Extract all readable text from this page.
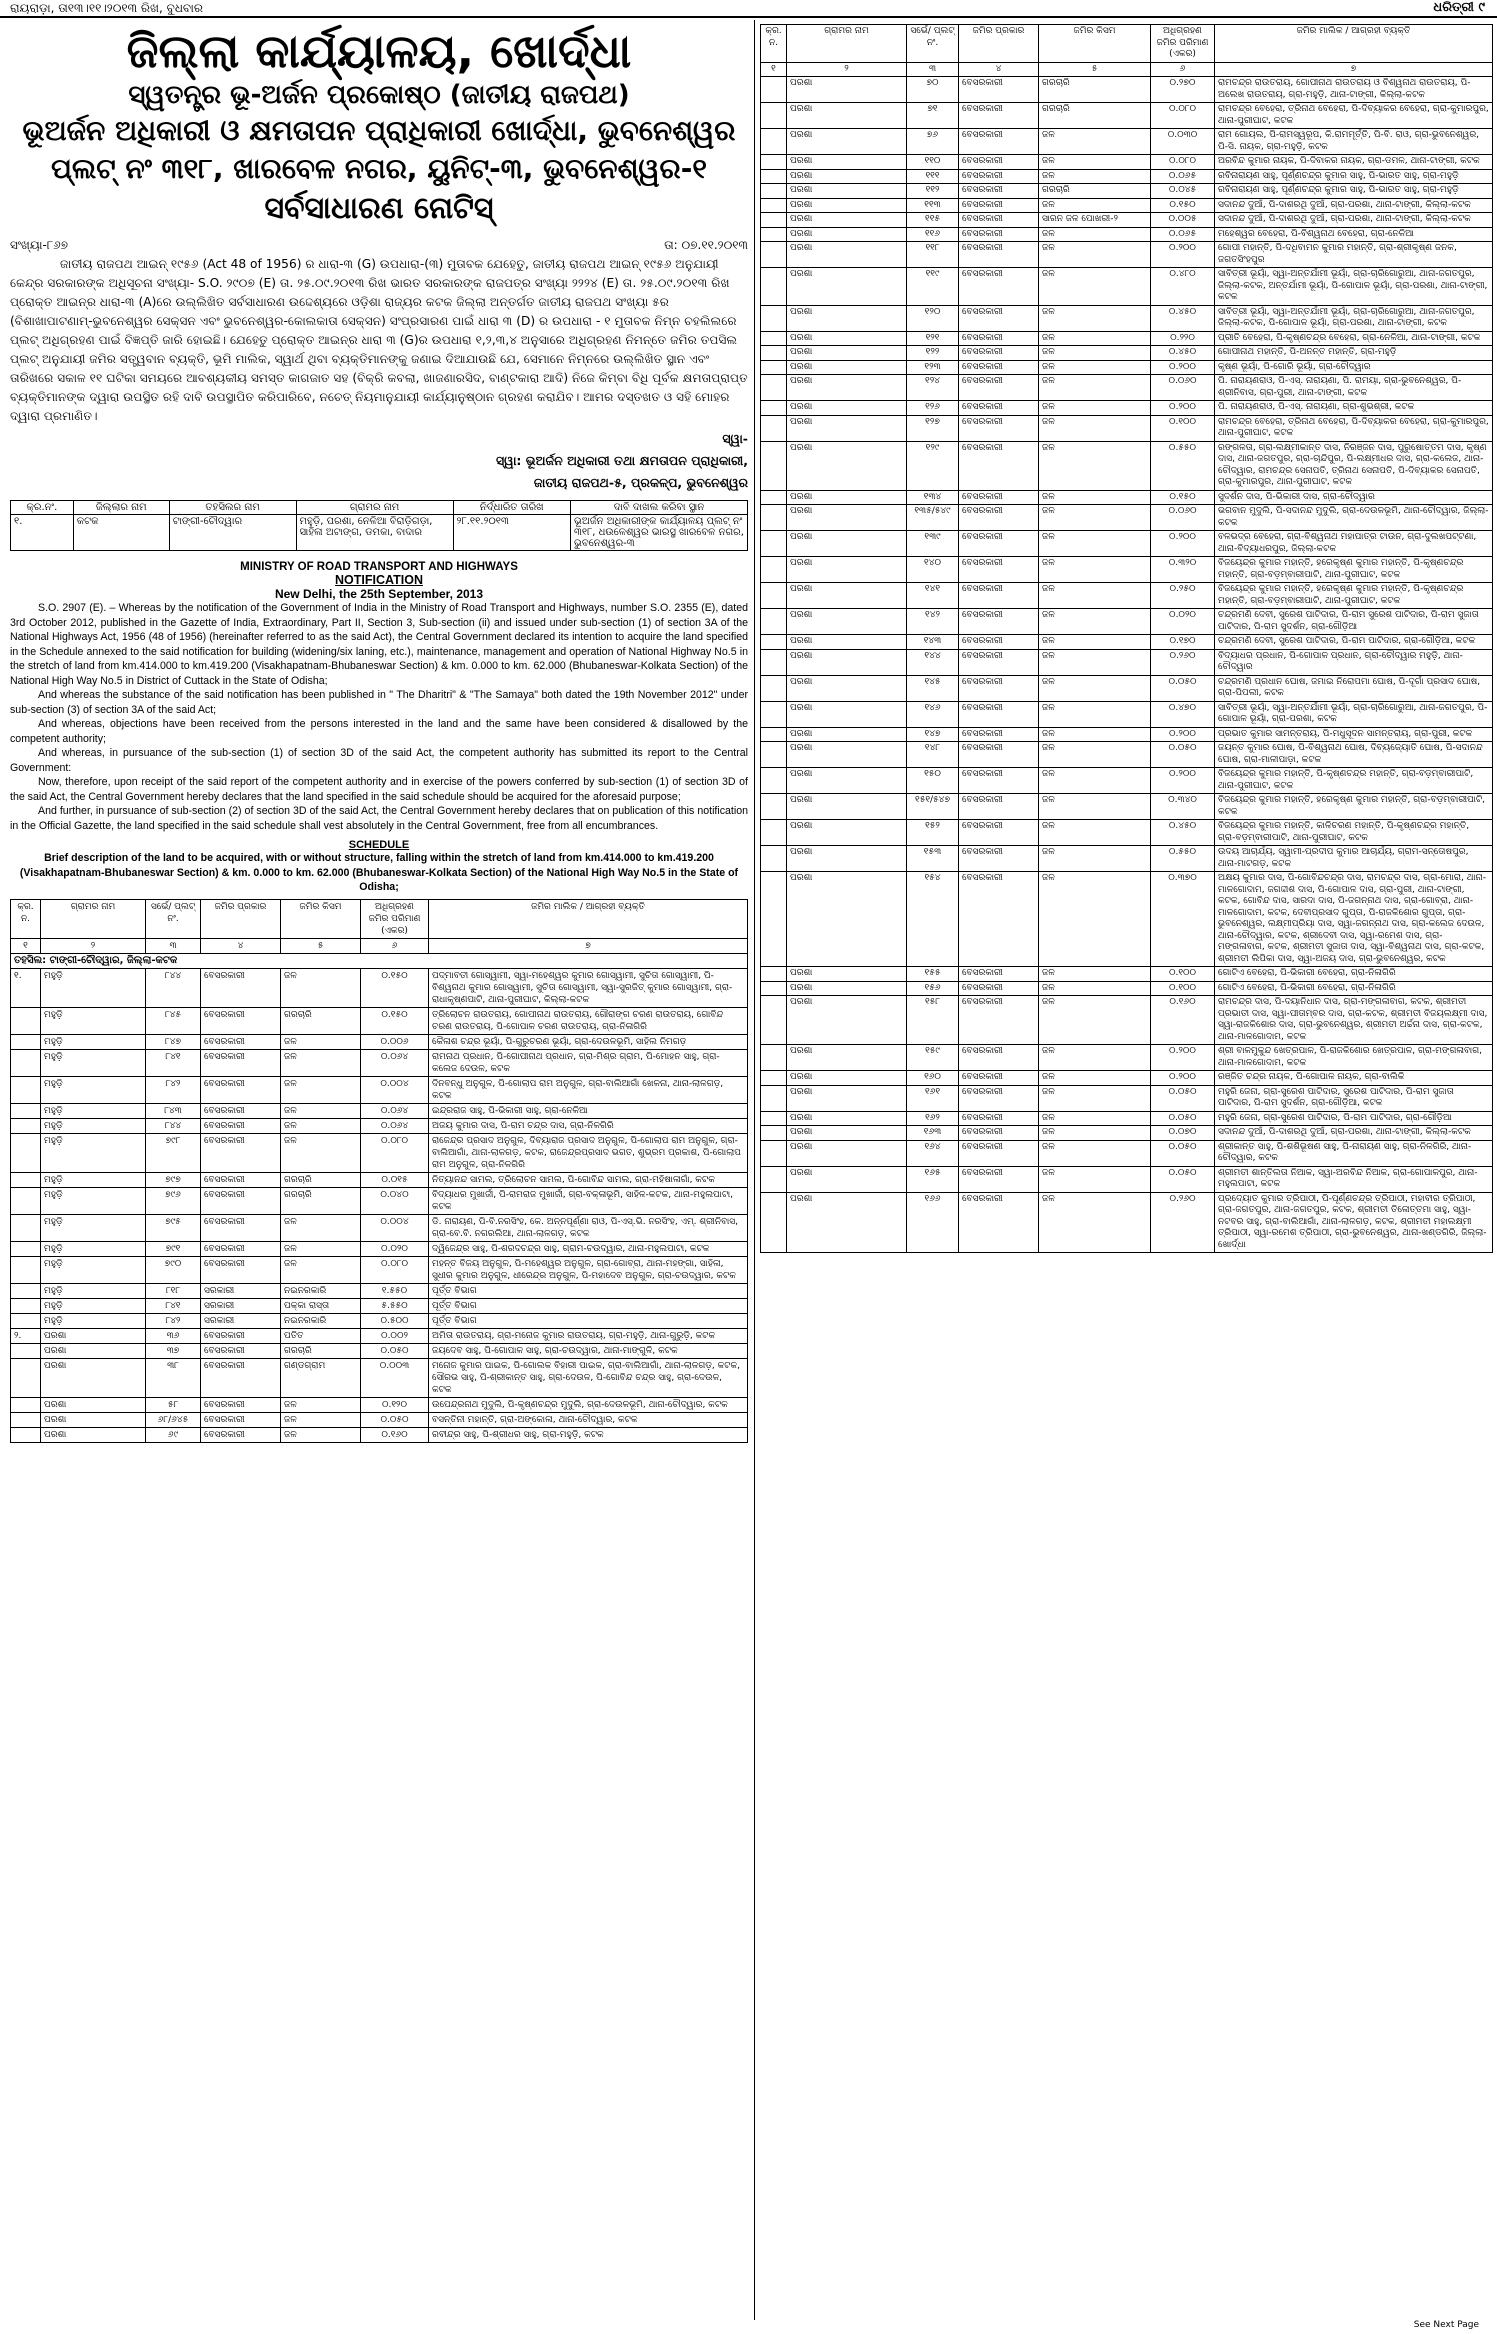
ରାୟରାଡ଼ା, ତା୧୩।୧୧।୨୦୧୩ ରିଖ, ବୁଧବାର	ଧରିତ୍ରୀ ୯
ଜିଲ୍ଲା କାର୍ଯ୍ୟାଳୟ, ଖୋର୍ଦ୍ଧା
ସ୍ୱତନ୍ତ୍ର ଭୂ-ଅର୍ଜନ ପ୍ରକୋଷ୍ଠ (ଜାତୀୟ ରାଜପଥ)
ଭୂଅର୍ଜନ ଅଧିକାରୀ ଓ କ୍ଷମତାପନ ପ୍ରାଧିକାରୀ ଖୋର୍ଦ୍ଧା, ଭୁବନେଶ୍ୱର
ପ୍ଲଟ୍ ନଂ ୩୧୮, ଖାରବେଳ ନଗର, ୟୁନିଟ୍-୩, ଭୁବନେଶ୍ୱର-୧
ସର୍ବସାଧାରଣ ନୋଟିସ୍
ସଂଖ୍ୟା-୮୬୭	ତା: ୦୭.୧୧.୨୦୧୩

ଜାତୀୟ ରାଜପଥ ଆଇନ୍ ୧୯୫୬ (Act 48 of 1956) ର ଧାରା-୩ (G) ଉପଧାରା-(୩) ମୁତାବକ ଯେହେତୁ, ଜାତୀୟ ରାଜପଥ ଆଇନ୍ ୧୯୫୬ ଅନୁଯାୟୀ କେନ୍ଦ୍ର ସରକାରଙ୍କ ଅଧିସୂଚନା ସଂଖ୍ୟା- S.O. ୨୯୦୭ (E) ତା. ୨୫.୦୯.୨୦୧୩ ରିଖ ଭାରତ ସରକାରଙ୍କ ରାଜପତ୍ର ସଂଖ୍ୟା ୨୨୨୪ (E) ତା. ୨୫.୦୯.୨୦୧୩ ରିଖ ପ୍ରୋକ୍ତ ଆଇନ୍‌ର ଧାରା-୩ (A)ରେ ଉଲ୍ଲିଖିତ ସର୍ବସାଧାରଣ ଉଦ୍ଦେଶ୍ୟରେ ଓଡ଼ିଶା ରାଜ୍ୟର କଟକ ଜିଲ୍ଲା ଅନ୍ତର୍ଗତ ଜାତୀୟ ରାଜପଥ ସଂଖ୍ୟା ୫ର (ବିଶାଖାପାଟଣାମ୍-ଭୁବନେଶ୍ୱର ସେକ୍ସନ ଏବଂ ଭୁବନେଶ୍ୱର-କୋଲକାତା ସେକ୍ସନ) ସଂପ୍ରସାରଣ ପାଇଁ ଧାରା ୩ (D) ର ଉପଧାରା - ୧ ମୁତାବକ ନିମ୍ନ ଚହଲିଲରେ ପ୍ଲଟ୍ ଅଧିଗ୍ରହଣ ପାଇଁ ବିଜ୍ଞପ୍ତି ଜାରି ହୋଇଛି। ଯେହେତୁ ପ୍ରୋକ୍ତ ଆଇନ୍‌ର ଧାରା ୩ (G)ର ଉପଧାରା ୧,୨,୩,୪ ଅନୁସାରେ ଅଧିଗ୍ରହଣ ନିମନ୍ତେ ଜମିର ତପସିଲ ପ୍ଲଟ୍ ଅନୁଯାୟୀ ଜମିର ସତ୍ତ୍ୱବାନ ବ୍ୟକ୍ତି, ଭୂମି ମାଲିକ, ସ୍ୱାର୍ଥ ଥିବା ବ୍ୟକ୍ତିମାନଙ୍କୁ ଜଣାଇ ଦିଆଯାଉଛି ଯେ, ସେମାନେ ନିମ୍ନରେ ଉଲ୍ଲିଖିତ ସ୍ଥାନ ଏବଂ ତାରିଖରେ ସକାଳ ୧୧ ଘଟିକା ସମୟରେ ଆବଶ୍ୟକୀୟ ସମସ୍ତ କାଗଜାତ ସହ (ବିକ୍ରି କବଲା, ଖାଜଣାରସିଦ, ବାଣ୍ଟକାରା ଆଦି) ନିଜେ କିମ୍ବା ବିଧି ପୂର୍ବକ କ୍ଷମତାପ୍ରାପ୍ତ ବ୍ୟକ୍ତିମାନଙ୍କ ଦ୍ୱାରା ଉପସ୍ଥିତ ରହି ଦାବି ଉପସ୍ଥାପିତ କରିପାରିବେ, ନଚେତ୍ ନିୟମାନୁଯାୟୀ କାର୍ଯ୍ୟାନୁଷ୍ଠାନ ଗ୍ରହଣ କରାଯିବ। ଆମର ଦସ୍ତଖତ ଓ ସହି ମୋହର ଦ୍ୱାରା ପ୍ରମାଣିତ।

ସ୍ୱା-
ସ୍ୱା: ଭୂଅର୍ଜନ ଅଧିକାରୀ ତଥା କ୍ଷମତାପନ ପ୍ରାଧିକାରୀ,
ଜାତୀୟ ରାଜପଥ-୫, ପ୍ରକଳ୍ପ, ଭୁବନେଶ୍ୱର
କ୍ର.ନଂ.	ଜିଲ୍ଲାର ନାମ	ତହସିଲର ନାମ	ଗ୍ରାମର ନାମ	ନିର୍ଦ୍ଧାରିତ ତାରିଖ	ଦାବି ଦାଖଲ କରିବା ସ୍ଥାନ
୧.	କଟକ	ଟାଙ୍ଗୀ-ଚୌଦ୍ୱାର	ମହୁଡ଼ି, ପରଶା, ନେଳିଆ ବିରାଡ଼ିଗଡ଼ା, ସାହିଳା ଅଟାଙ୍ଗ, ଡମକା, ବାଦାର	୨୮.୧୧.୨୦୧୩	ଭୂଅର୍ଜନ ଅଧିକାରୀଙ୍କ କାର୍ଯ୍ୟାଳୟ ପ୍ଲଟ୍ ନଂ ୩୧୮, ଧଉଳେଶ୍ୱର ଭାରସ୍ଥ ଖାରବେଳ ନଗର, ଭୁବନେଶ୍ୱର-୩
MINISTRY OF ROAD TRANSPORT AND HIGHWAYS
NOTIFICATION
New Delhi, the 25th September, 2013

S.O. 2907 (E). – Whereas by the notification of the Government of India in the Ministry of Road Transport and Highways, number S.O. 2355 (E), dated 3rd October 2012, published in the Gazette of India, Extraordinary, Part II, Section 3, Sub-section (ii) and issued under sub-section (1) of section 3A of the National Highways Act, 1956 (48 of 1956) (hereinafter referred to as the said Act), the Central Government declared its intention to acquire the land specified in the Schedule annexed to the said notification for building (widening/six laning, etc.), maintenance, management and operation of National Highway No.5 in the stretch of land from km.414.000 to km.419.200 (Visakhapatnam-Bhubaneswar Section) & km. 0.000 to km. 62.000 (Bhubaneswar-Kolkata Section) of the National High Way No.5 in District of Cuttack in the State of Odisha;

And whereas the substance of the said notification has been published in " The Dharitri" & "The Samaya" both dated the 19th November 2012" under sub-section (3) of section 3A of the said Act;

And whereas, objections have been received from the persons interested in the land and the same have been considered & disallowed by the competent authority;

And whereas, in pursuance of the sub-section (1) of section 3D of the said Act, the competent authority has submitted its report to the Central Government:

Now, therefore, upon receipt of the said report of the competent authority and in exercise of the powers conferred by sub-section (1) of section 3D of the said Act, the Central Government hereby declares that the land specified in the said schedule should be acquired for the aforesaid purpose;

And further, in pursuance of sub-section (2) of section 3D of the said Act, the Central Government hereby declares that on publication of this notification in the Official Gazette, the land specified in the said schedule shall vest absolutely in the Central Government, free from all encumbrances.

SCHEDULE
Brief description of the land to be acquired, with or without structure, falling within the stretch of land from km.414.000 to km.419.200 (Visakhapatnam-Bhubaneswar Section) & km. 0.000 to km. 62.000 (Bhubaneswar-Kolkata Section) of the National High Way No.5 in the State of Odisha;
କ୍ର. ନ.	ଗ୍ରାମର ନାମ	ସର୍ଭେ/ ପ୍ଲଟ୍ ନଂ.	ଜମିର ପ୍ରକାର	ଜମିର କିସମ	ଅଧିଗ୍ରହଣ ଜମିର ପରିମାଣ (ଏକର)	ଜମିର ମାଲିକ / ଆଗ୍ରହୀ ବ୍ୟକ୍ତି
୧	୨	୩	୪	୫	୬	୭
ତହସିଲ: ଟାଙ୍ଗୀ-ଚୌଦ୍ୱାର, ଜିଲ୍ଲା-କଟକ						
୧.	ମହୁଡ଼ି	୮୪୪	ବେସରକାରୀ	ଜଳ	୦.୧୫୦	ପଦ୍ମାବତୀ ଗୋସ୍ୱାମୀ, ସ୍ୱା-ମହେଶ୍ୱର କୁମାର ଗୋସ୍ୱାମୀ, ସୁଚିତା ଗୋସ୍ୱାମୀ, ପି-ବିଶ୍ୱନାଥ କୁମାର ଗୋସ୍ୱାମୀ, ସୁଚିତା ଗୋସ୍ୱାମୀ, ସ୍ୱା-ସୁରଜିତ୍ କୁମାର ଗୋସ୍ୱାମୀ, ଗ୍ରା-ରାଧାକୃଷ୍ଣପାଟି, ଥାନା-ପୁରୀଘାଟ, କିଲ୍ଲା-କଟକ
	ମହୁଡ଼ି	୮୪୫	ବେସରକାରୀ	ଗରଚାରି	୦.୧୫୦	ତ୍ରିଲୋଚନ ରାଉତରାୟ, ଗୋପୀନାଥ ରାଉତରାୟ, ଗୌରାଙ୍ଗ ଚରଣ ରାଉତରାୟ, ଗୋବିନ୍ଦ ଚରଣ ରାଉତରାୟ, ପି-ଗୋପାଳ ଚରଣ ରାଉତରାୟ, ଗ୍ରା-ନିଳାଗିରି
	ମହୁଡ଼ି	୮୪୭	ବେସରକାରୀ	ଜଳ	୦.୦୦୬	କୈଳାଶ ଚନ୍ଦ୍ର ଭୂୟାଁ, ପି-ଗୁରୁଚରଣ ଭୂୟାଁ, ଗ୍ରା-ଦେଉଳଭୂମି, ସାହିଲ ନିମଗଡ଼
	ମହୁଡ଼ି	୮୪୧	ବେସରକାରୀ	ଜଳ	୦.୦୬୪	ରାମନାଥ ପ୍ରଧାନ, ପି-ଗୋପୀନାଥ ପ୍ରଧାନ, ଗ୍ରା-ମିଶ୍ର ଗ୍ରାମ, ପି-ମୋହନ ସାହୁ, ଗ୍ରା-କଲେଜ ଦେଉଳ, କଟକ
	ମହୁଡ଼ି	୮୪୨	ବେସରକାରୀ	ଜଳ	୦.୦୦୪	ଦିନବନ୍ଧୁ ଅନୁଗୁଳ, ପି-ଗୋଲାପ ରାମ ଅନୁଗୁଳ, ଗ୍ରା-ବାଲିଆଗାଁ ଖେଳନା, ଥାନା-ଲାଳଗଡ଼, କଟକ
	ମହୁଡ଼ି	୮୪୩	ବେସରକାରୀ	ଜଳ	୦.୦୬୪	ଇନ୍ଦ୍ରରାଜ ସାହୁ, ପି-ଭିକାରୀ ସାହୁ, ଗ୍ରା-ନେଳିଆ
	ମହୁଡ଼ି	୮୪୪	ବେସରକାରୀ	ଜଳ	୦.୦୬୪	ଅଜୟ କୁମାର ଦାସ, ପି-ରାମ ଚନ୍ଦ୍ର ଦାସ, ଗ୍ରା-ନିଳଗିରି
	ମହୁଡ଼ି	୭୯୮	ବେସରକାରୀ	ଜଳ	୦.୦୮୦	ରାଜେନ୍ଦ୍ର ପ୍ରସାଦ ଅନୁଗୁଳ, ଦିବ୍ୟାରାଜ ପ୍ରସାଦ ଅନୁଗୁଳ, ପି-ଗୋଲାପ ରାମ ଅନୁଗୁଳ, ଗ୍ରା-ବାଲିଆଗାଁ, ଥାନା-ଲାଳଗଡ଼, କଟକ, ରାଜେନ୍ଦ୍ରପ୍ରସାଦ ଭଗତ, ଶୁଭ୍ରମ ପ୍ରକାଶ, ପି-ଗୋଲାପ ରାମ ଅନୁଗୁଳ, ଗ୍ରା-ନିଳଗିରି
	ମହୁଡ଼ି	୭୯୭	ବେସରକାରୀ	ଗରଚାରି	୦.୦୧୫	ନିତ୍ୟାନନ୍ଦ ସାମଲ, ତ୍ରିଲୋଚନ ସାମଲ, ପି-ଗୋବିନ୍ଦ ସାମଲ, ଗ୍ରା-ମହିଷାଳାଗାଁ, କଟକ
	ମହୁଡ଼ି	୭୯୬	ବେସରକାରୀ	ଗରଚାରି	୦.୦୪୦	ବିଦ୍ୟାଧର ମୁଖାର୍ଜୀ, ପି-ରାମରାଜ ମୁଖାର୍ଜୀ, ଗ୍ରା-ବକ୍ଳାଭୂମି, ସାହିଳ-କଟକ, ଥାନା-ମହୁଲପାଟା, କଟକ
	ମହୁଡ଼ି	୭୯୫	ବେସରକାରୀ	ଜଳ	୦.୦୦୪	ଡି. ନାରାୟଣ, ପି-ବି.ନରସିଂହ, କେ. ଅନ୍ନପୂର୍ଣ୍ଣା ରାଓ, ପି-ଏସ୍.ଭି. ନରସିଂହ, ଏମ୍. ଶ୍ରୀନିବାସ, ଗ୍ରା-ବେ.ବି. ନଗରଲିଆ, ଥାନା-ଲାଳଗଡ଼, କଟକ
	ମହୁଡ଼ି	୭୯୧	ବେସରକାରୀ	ଜଳ	୦.୦୨୦	ଦ୍ୱିଜେନ୍ଦ୍ର ସାହୁ, ପି-ଶରଦଚନ୍ଦ୍ର ସାହୁ, ଗ୍ରାମ-ଚଉଦ୍ୱାର, ଥାନା-ମହୁଲପାଟା, କଟକ
	ମହୁଡ଼ି	୭୯୦	ବେସରକାରୀ	ଜଳ	୦.୦୮୦	ମହନ୍ତ ବିଜୟ ଅନୁଗୁଳ, ପି-ମହେଶ୍ୱର ଅନୁଗୁଳ, ଗ୍ରା-ଗୋବ୍ରା, ଥାନା-ମହଙ୍ଗା, ସାହିଳା, ସୁଧୀର କୁମାର ଅନୁଗୁଳ, ଧୀରେନ୍ଦ୍ର ଅନୁଗୁଳ, ପି-ମହାଦେବ ଅନୁଗୁଳ, ଗ୍ରା-ଚଉଦ୍ୱାର, କଟକ
	ମହୁଡ଼ି	୮୧୮	ସରକାରୀ	ନଇନରକାରି	୧.୫୫୦	ପୂର୍ତ୍ତ ବିଭାଗ
	ମହୁଡ଼ି	୮୪୧	ସରକାରୀ	ପକ୍କା ରାସ୍ତା	୫.୫୫୦	ପୂର୍ତ୍ତ ବିଭାଗ
	ମହୁଡ଼ି	୮୪୨	ସରକାରୀ	ନଇନରକାରି	୦.୫୦୦	ପୂର୍ତ୍ତ ବିଭାଗ
୨.	ପରଶା	୩୬	ବେସରକାରୀ	ପତିତ	୦.୦୦୨	ଅମିତା ରାଉତରାୟ, ଗ୍ରା-ମନୋଜ କୁମାର ରାଉତରାୟ, ଗ୍ରା-ମହୁଡ଼ି, ଥାନା-ଗୁରୁଡ଼ି, କଟକ
	ପରଶା	୩୭	ବେସରକାରୀ	ଗରଚାରି	୦.୦୫୦	ଜୟଦେବ ସାହୁ, ପି-ଗୋପାଳ ସାହୁ, ଗ୍ରା-ଚଉଦ୍ୱାର, ଥାନା-ମାଙ୍ଗୁଳି, କଟକ
	ପରଶା	୩୮	ବେସରକାରୀ	ଗଣ୍ଡଗ୍ରାମ	୦.୦୦୩	ମନୋଜ କୁମାର ପାଇକ, ପି-ଗୋଲକ ବିହାରୀ ପାଇକ, ଗ୍ରା-ବାଲିଆଗାଁ, ଥାନା-ଲାଳଗଡ଼, କଟକ, ସୌରଭ ସାହୁ, ପି-ଶ୍ରୀକାନ୍ତ ସାହୁ, ଗ୍ରା-ଦେଉଳ, ପି-ଗୋବିନ୍ଦ ଚନ୍ଦ୍ର ସାହୁ, ଗ୍ରା-ଦେଉଳ, କଟକ
	ପରଶା	୫୮	ବେସରକାରୀ	ଜଳ	୦.୧୨୦	ଉପେନ୍ଦ୍ରନାଥ ମୁଦୁଲି, ପି-କୃଷ୍ଣଚନ୍ଦ୍ର ମୁଦୁଲି, ଗ୍ରା-ଦେଉଳଭୂମି, ଥାନା-ଚୌଦ୍ୱାର, କଟକ
	ପରଶା	୬୮/୬୪୫	ବେସରକାରୀ	ଜଳ	୦.୦୫୦	ବସନ୍ତିନୀ ମହାନ୍ତି, ଗ୍ରା-ଅଙ୍କୋଳା, ଥାନା-ଚୌଦ୍ୱାର, କଟକ
	ପରଶା	୬୯	ବେସରକାରୀ	ଜଳ	୦.୧୬୦	ରବୀନ୍ଦ୍ର ସାହୁ, ପି-ଶ୍ରୀଧର ସାହୁ, ଗ୍ରା-ମହୁଡ଼ି, କଟକ
କ୍ର. ନ.	ଗ୍ରାମର ନାମ	ସର୍ଭେ/ ପ୍ଲଟ୍ ନଂ.	ଜମିର ପ୍ରକାର	ଜମିର କିସମ	ଅଧିଗ୍ରହଣ ଜମିର ପରିମାଣ (ଏକର)	ଜମିର ମାଲିକ / ଆଗ୍ରହୀ ବ୍ୟକ୍ତି
୧	୨	୩	୪	୫	୬	୭
	ପରଶା	୭୦	ବେସରକାରୀ	ଗରଚାରି	୦.୨୭୦	ରାମଚନ୍ଦ୍ର ରାଉତରାୟ, ଗୋପୀନାଥ ରାଉତରାୟ ଓ ବିଶ୍ୱନାଥ ରାଉତରାୟ, ପି-ଅଲେଖ ରାଉତରାୟ, ଗ୍ରା-ମହୁଡ଼ି, ଥାନା-ଟାଙ୍ଗୀ, କିଲ୍ଲା-କଟକ
	ପରଶା	୭୧	ବେସରକାରୀ	ଗରଚାରି	୦.୦୮୦	ରାମଚନ୍ଦ୍ର ବେହେରା, ତ୍ରିନାଥ ବେହେରା, ପି-ଦିବ୍ୟାକର ବେହେରା, ଗ୍ରା-କୁମାରପୁର, ଥାନା-ପୁରୀଘାଟ, କଟକ
	ପରଶା	୭୬	ବେସରକାରୀ	ଜଳ	୦.୦୩୦	ରାମ ଗୋୟଲ, ପି-ରାମସ୍ୱରୂପ, କି.ରାମମୂର୍ତ୍ତି, ପି-ବି. ରାଓ, ଗ୍ରା-ଭୁବନେଶ୍ୱର, ପି-ସି. ନାୟକ, ଗ୍ରା-ମହୁଡ଼ି, କଟକ
	ପରଶା	୧୧୦	ବେସରକାରୀ	ଜଳ	୦.୦୮୦	ଅରବିନ୍ଦ କୁମାର ନାୟକ, ପି-ଦିବାକର ନାୟକ, ଗ୍ରା-ଡମଳ, ଥାନା-ଟାଙ୍ଗୀ, କଟକ
	ପରଶା	୧୧୧	ବେସରକାରୀ	ଜଳ	୦.୦୬୫	ରବିନାରାୟଣ ସାହୁ, ପୂର୍ଣ୍ଣଚନ୍ଦ୍ର କୁମାର ସାହୁ, ପି-ଭାରତ ସାହୁ, ଗ୍ରା-ମହୁଡ଼ି
	ପରଶା	୧୧୨	ବେସରକାରୀ	ଗରଚାରି	୦.୦୪୫	ରବିନାରାୟଣ ସାହୁ, ପୂର୍ଣ୍ଣଚନ୍ଦ୍ର କୁମାର ସାହୁ, ପି-ଭାରତ ସାହୁ, ଗ୍ରା-ମହୁଡ଼ି
	ପରଶା	୧୧୩	ବେସରକାରୀ	ଜଳ	୦.୧୫୦	ସଦାନନ୍ଦ ଦୁଆଁ, ପି-ଦାଶରଥି ଦୁଆଁ, ଗ୍ରା-ପରଶା, ଥାନା-ଟାଙ୍ଗୀ, କିଲ୍ଲା-କଟକ
	ପରଶା	୧୧୫	ବେସରକାରୀ	ସାରନ ଜଳ ପୋଖରୀ-୨	୦.୦୦୫	ସଦାନନ୍ଦ ଦୁଆଁ, ପି-ଦାଶରଥି ଦୁଆଁ, ଗ୍ରା-ପରଶା, ଥାନା-ଟାଙ୍ଗୀ, କିଲ୍ଲା-କଟକ
	ପରଶା	୧୧୬	ବେସରକାରୀ	ଜଳ	୦.୦୬୫	ମହେଶ୍ୱର ବେହେରା, ପି-ବିଶ୍ୱନାଥ ବେହେରା, ଗ୍ରା-ନେଳିଆ
	ପରଶା	୧୧୮	ବେସରକାରୀ	ଜଳ	୦.୨୦୦	ଗୋପୀ ମହାନ୍ତି, ପି-ଦଧିବାମନ କୁମାର ମହାନ୍ତି, ଗ୍ରା-ଶ୍ରୀକୃଷ୍ଣ ଜନକ, ଜଗତସିଂହପୁର
	ପରଶା	୧୧୯	ବେସରକାରୀ	ଜଳ	୦.୪୮୦	ସାବିତ୍ରୀ ଭୂୟାଁ, ସ୍ୱା-ଅନ୍ତର୍ଯାମୀ ଭୂୟାଁ, ଗ୍ରା-ଚାରିଗୋରୁଆ, ଥାନା-ଜଗତପୁର, ଜିଲ୍ଲା-କଟକ, ଅନ୍ତର୍ଯାମୀ ଭୂୟାଁ, ପି-ଗୋପାଳ ଭୂୟାଁ, ଗ୍ରା-ପରଶା, ଥାନା-ଟାଙ୍ଗୀ, କଟକ
	ପରଶା	୧୨୦	ବେସରକାରୀ	ଜଳ	୦.୪୫୦	ସାବିତ୍ରୀ ଭୂୟାଁ, ସ୍ୱା-ଅନ୍ତର୍ଯାମୀ ଭୂୟାଁ, ଗ୍ରା-ଚାରିଗୋରୁଆ, ଥାନା-ଜଗତପୁର, ଜିଲ୍ଲା-କଟକ, ପି-ଗୋପାଳ ଭୂୟାଁ, ଗ୍ରା-ପରଶା, ଥାନା-ଟାଙ୍ଗୀ, କଟକ
	ପରଶା	୧୨୧	ବେସରକାରୀ	ଜଳ	୦.୨୨୦	ପ୍ରୀତି ବେହେରା, ପି-କୃଷ୍ଣଚନ୍ଦ୍ର ବେହେରା, ଗ୍ରା-ନେଳିଆ, ଥାନା-ଟାଙ୍ଗୀ, କଟକ
	ପରଶା	୧୨୨	ବେସରକାରୀ	ଜଳ	୦.୪୫୦	ଗୋପୀନାଥ ମହାନ୍ତି, ପି-ଅନନ୍ତ ମହାନ୍ତି, ଗ୍ରା-ମହୁଡ଼ି
	ପରଶା	୧୨୩	ବେସରକାରୀ	ଜଳ	୦.୨୦୦	କୃଷ୍ଣ ଭୂୟାଁ, ପି-ଗୋରି ଭୂୟାଁ, ଗ୍ରା-ଚୌଦ୍ୱାର
	ପରଶା	୧୨୪	ବେସରକାରୀ	ଜଳ	୦.୦୬୦	ପି. ନାରାୟଣରାଓ, ପି-ଏସ୍. ନାରାୟଣା, ପି. ରାମୟା, ଗ୍ରା-ଭୁବନେଶ୍ୱର, ପି-ଶ୍ରୀନିବାସ, ଗ୍ରା-ପୁରୀ, ଥାନା-ଟାଙ୍ଗୀ, କଟକ
	ପରଶା	୧୨୬	ବେସରକାରୀ	ଜଳ	୦.୨୦୦	ପି. ନାରାୟଣରାଓ, ପି-ଏସ୍. ନାରାୟଣା, ଗ୍ରା-ଶୁଭଶ୍ରୀ, କଟକ
	ପରଶା	୧୨୭	ବେସରକାରୀ	ଜଳ	୦.୧୦୦	ରାମଚନ୍ଦ୍ର ବେହେରା, ତ୍ରିନାଥ ବେହେରା, ପି-ଦିବ୍ୟାକର ବେହେରା, ଗ୍ରା-କୁମାରପୁର, ଥାନା-ପୁରୀଘାଟ, କଟକ
	ପରଶା	୧୨୯	ବେସରକାରୀ	ଜଳ	୦.୫୫୦	ରଙ୍ଗଳତା, ଗ୍ରା-ଲକ୍ଷ୍ମୀକାନ୍ତ ଦାସ, ନିରଞ୍ଜନ ଦାସ, ପୁରୁଷୋତ୍ତମ ଦାସ, କୃଷ୍ଣ ଦାସ, ଥାନା-ଜଗତପୁର, ଗ୍ରା-ଚାନ୍ଦିପୁର, ପି-ଲକ୍ଷ୍ମୀଧର ଦାସ, ଗ୍ରା-କଲେଜ, ଥାନା-ଚୌଦ୍ୱାର, ରାମଚନ୍ଦ୍ର ସେନାପତି, ତ୍ରିନାଥ ସେନାପତି, ପି-ଦିବ୍ୟାକର ସେନାପତି, ଗ୍ରା-କୁମାରପୁର, ଥାନା-ପୁରୀଘାଟ, କଟକ
	ପରଶା	୧୩୪	ବେସରକାରୀ	ଜଳ	୦.୧୫୦	ସୁଦର୍ଶନ ଦାସ, ପି-ଭିକାରୀ ଦାସ, ଗ୍ରା-ଚୌଦ୍ୱାର
	ପରଶା	୧୩୫/୫୪୯	ବେସରକାରୀ	ଜଳ	୦.୦୬୦	ଭଗବାନ ମୁଦୁଲି, ପି-ସଦାନନ୍ଦ ମୁଦୁଲି, ଗ୍ରା-ଦେଉଳଭୂମି, ଥାନା-ଚୌଦ୍ୱାର, ଜିଲ୍ଲା-କଟକ
	ପରଶା	୧୩୯	ବେସରକାରୀ	ଜଳ	୦.୨୦୦	ବଳଭଦ୍ର ବେହେରା, ଗ୍ରା-ବିଶ୍ୱନାଥ ମହାପାତ୍ର ଟାଉନ, ଗ୍ରା-ଦୁଲଖପଟ୍ଟଣା, ଥାନା-ବିଦ୍ୟାଧରପୁର, ଜିଲ୍ଲା-କଟକ
	ପରଶା	୧୪୦	ବେସରକାରୀ	ଜଳ	୦.୩୨୦	ବିଜୟେନ୍ଦ୍ର କୁମାର ମହାନ୍ତି, ହରେକୃଷ୍ଣ କୁମାର ମହାନ୍ତି, ପି-କୃଷ୍ଣଚନ୍ଦ୍ର ମହାନ୍ତି, ଗ୍ରା-ବଡ଼ମ୍ବାରୀପାଟି, ଥାନା-ପୁରୀଘାଟ, କଟକ
	ପରଶା	୧୪୧	ବେସରକାରୀ	ଜଳ	୦.୨୫୦	ବିଜୟେନ୍ଦ୍ର କୁମାର ମହାନ୍ତି, ହରେକୃଷ୍ଣ କୁମାର ମହାନ୍ତି, ପି-କୃଷ୍ଣଚନ୍ଦ୍ର ମହାନ୍ତି, ଗ୍ରା-ବଡ଼ମ୍ବାରୀପାଟି, ଥାନା-ପୁରୀଘାଟ, କଟକ
	ପରଶା	୧୪୨	ବେସରକାରୀ	ଜଳ	୦.୦୨୦	ଚନ୍ଦ୍ରମଣି ଦେବୀ, ସୁରେଶ ପାଟିଦାର, ପି-ରାମ ସୁରେଶ ପାଟିଦାର, ପି-ରାମ ସୁଜାତା ପାଟିଦାର, ପି-ରାମ ସୁଦର୍ଶନ, ଗ୍ରା-ଗୌଡ଼ିଆ
	ପରଶା	୧୪୩	ବେସରକାରୀ	ଜଳ	୦.୧୭୦	ଚନ୍ଦ୍ରମଣି ଦେବୀ, ସୁରେଶ ପାଟିଦାର, ପି-ରାମ ପାଟିଦାର, ଗ୍ରା-ଗୌଡ଼ିଆ, କଟକ
	ପରଶା	୧୪୪	ବେସରକାରୀ	ଜଳ	୦.୨୬୦	ବିଦ୍ୟାଧର ପ୍ରଧାନ, ପି-ଗୋପାଳ ପ୍ରଧାନ, ଗ୍ରା-ଚୌଦ୍ୱାର ମହୁଡ଼ି, ଥାନା-ଚୌଦ୍ୱାର
	ପରଶା	୧୪୫	ବେସରକାରୀ	ଜଳ	୦.୦୫୦	ଚନ୍ଦ୍ରମଣି ପ୍ରଧାନ ଘୋଷ, ଜମାଇ ନିରୋପମା ଘୋଷ, ପି-ଦୂର୍ଗା ପ୍ରସାଦ ଘୋଷ, ଗ୍ରା-ପିପଲୀ, କଟକ
	ପରଶା	୧୪୬	ବେସରକାରୀ	ଜଳ	୦.୪୭୦	ସାବିତ୍ରୀ ଭୂୟାଁ, ସ୍ୱା-ଅନ୍ତର୍ଯାମୀ ଭୂୟାଁ, ଗ୍ରା-ଚାରିଗୋରୁଆ, ଥାନା-ଜଗତପୁର, ପି-ଗୋପାଳ ଭୂୟାଁ, ଗ୍ରା-ପରଶା, କଟକ
	ପରଶା	୧୪୭	ବେସରକାରୀ	ଜଳ	୦.୨୦୦	ପ୍ରଭାତ କୁମାର ସାମନ୍ତରାୟ, ପି-ମଧୁସୂଦନ ସାମନ୍ତରାୟ, ଗ୍ରା-ପୁରୀ, କଟକ
	ପରଶା	୧୪୮	ବେସରକାରୀ	ଜଳ	୦.୦୫୦	ଜୟନ୍ତ କୁମାର ଘୋଷ, ପି-ବିଶ୍ୱନାଥ ଘୋଷ, ଦିବ୍ୟଜ୍ୟୋତି ଘୋଷ, ପି-ସଦାନନ୍ଦ ଘୋଷ, ଗ୍ରା-ମାଳୀପାଡ଼ା, କଟକ
	ପରଶା	୧୫୦	ବେସରକାରୀ	ଜଳ	୦.୨୦୦	ବିଜୟେନ୍ଦ୍ର କୁମାର ମହାନ୍ତି, ପି-କୃଷ୍ଣଚନ୍ଦ୍ର ମହାନ୍ତି, ଗ୍ରା-ବଡ଼ମ୍ବାରୀପାଟି, ଥାନା-ପୁରୀଘାଟ, କଟକ
	ପରଶା	୧୫୧/୫୪୭	ବେସରକାରୀ	ଜଳ	୦.୩୪୦	ବିଜୟେନ୍ଦ୍ର କୁମାର ମହାନ୍ତି, ହରେକୃଷ୍ଣ କୁମାର ମହାନ୍ତି, ଗ୍ରା-ବଡ଼ମ୍ବାରୀପାଟି, କଟକ
	ପରଶା	୧୫୨	ବେସରକାରୀ	ଜଳ	୦.୪୫୦	ବିଜୟେନ୍ଦ୍ର କୁମାର ମହାନ୍ତି, କାଳିଚରଣ ମହାନ୍ତି, ପି-କୃଷ୍ଣଚନ୍ଦ୍ର ମହାନ୍ତି, ଗ୍ରା-ବଡ଼ମ୍ବାରୀପାଟି, ଥାନା-ପୁରୀଘାଟ, କଟକ
	ପରଶା	୧୫୩	ବେସରକାରୀ	ଜଳ	୦.୫୫୦	ଉଦୟ ଆଚାର୍ଯ୍ୟ, ସ୍ୱାମୀ-ପ୍ରଦୀପ କୁମାର ଆଚାର୍ଯ୍ୟ, ଗ୍ରାମ-ସନ୍ତୋଷପୁର, ଥାନା-ମାଟଗଡ଼, କଟକ
	ପରଶା	୧୫୪	ବେସରକାରୀ	ଜଳ	୦.୩୭୦	ଅକ୍ଷୟ କୁମାର ଦାସ, ପି-ଗୋବିନ୍ଦଚନ୍ଦ୍ର ଦାସ, ରାମଚନ୍ଦ୍ର ଦାସ, ଗ୍ରା-ମୋରା, ଥାନା-ମାଳଗୋଦାମ, ଜଗଦ୍ଦୀଶ ଦାସ, ପି-ଗୋପାଳ ଦାସ, ଗ୍ରା-ପୁରୀ, ଥାନା-ଟାଙ୍ଗୀ, କଟକ, ଗୋବିନ୍ଦ ଦାସ, ସାରଦା ଦାସ, ପି-ଜଗନ୍ନାଥ ଦାସ, ଗ୍ରା-ଗୋବ୍ରା, ଥାନା-ମାଳଗୋଦାମ, କଟକ, ଦେବୀପ୍ରସାଦ ଗୁପ୍ତା, ପି-ରାଜକିଶୋର ଗୁପ୍ତା, ଗ୍ରା-ଭୁବନେଶ୍ୱର, ଲକ୍ଷ୍ମୀପ୍ରିୟା ଦାସ, ସ୍ୱା-ଜଗନ୍ନାଥ ଦାସ, ଗ୍ରା-କଲେଜ ଦେଉଳ, ଥାନା-ଚୌଦ୍ୱାର, କଟକ, ଶ୍ରୀଦେବୀ ଦାସ, ସ୍ୱା-ରମେଶ ଦାସ, ଗ୍ରା-ମଙ୍ଗଳାବାଗ, କଟକ, ଶ୍ରୀମତୀ ସୁଜାତା ଦାସ, ସ୍ୱା-ବିଶ୍ୱନାଥ ଦାସ, ଗ୍ରା-କଟକ, ଶ୍ରୀମତୀ ଲିପିକା ଦାସ, ସ୍ୱା-ଅଜୟ ଦାସ, ଗ୍ରା-ଭୁବନେଶ୍ୱର, କଟକ
	ପରଶା	୧୫୫	ବେସରକାରୀ	ଜଳ	୦.୧୦୦	ଗୋଟିଏ ବେହେରା, ପି-ଭିକାରୀ ବେହେରା, ଗ୍ରା-ନିଳାଗିରି
	ପରଶା	୧୫୬	ବେସରକାରୀ	ଜଳ	୦.୧୦୦	ଗୋଟିଏ ବେହେରା, ପି-ଭିକାରୀ ବେହେରା, ଗ୍ରା-ନିଳାଗିରି
	ପରଶା	୧୫୮	ବେସରକାରୀ	ଜଳ	୦.୧୬୦	ରାମଚନ୍ଦ୍ର ଦାସ, ପି-ଦୟାନିଧାନ ଦାସ, ଗ୍ରା-ମଙ୍ଗଳାବାଗ, କଟକ, ଶ୍ରୀମତୀ ପ୍ରଭାତୀ ଦାସ, ସ୍ୱା-ପୀତାମ୍ବର ଦାସ, ଗ୍ରା-କଟକ, ଶ୍ରୀମତୀ ବିଜୟଲକ୍ଷ୍ମୀ ଦାସ, ସ୍ୱା-ରାଜକିଶୋର ଦାସ, ଗ୍ରା-ଭୁବନେଶ୍ୱର, ଶ୍ରୀମତୀ ଅର୍ଚ୍ଚନା ଦାସ, ଗ୍ରା-କଟକ, ଥାନା-ମାଳଗୋଦାମ, କଟକ
	ପରଶା	୧୫୯	ବେସରକାରୀ	ଜଳ	୦.୨୦୦	ଶ୍ରୀ ବାଳମୁକୁନ୍ଦ ଖେତ୍ରପାଳ, ପି-ରାଜକିଶୋର ଖେତ୍ରପାଳ, ଗ୍ରା-ମଙ୍ଗଳାବାଗ, ଥାନା-ମାଳଗୋଦାମ, କଟକ
	ପରଶା	୧୬୦	ବେସରକାରୀ	ଜଳ	୦.୨୦୦	ରଞ୍ଜିତ ଚନ୍ଦ୍ର ନାୟକ, ପି-ଗୋପାଳ ନାୟକ, ଗ୍ରା-ବାଲିକି
	ପରଶା	୧୬୧	ବେସରକାରୀ	ଜଳ	୦.୦୫୦	ମହୁରି ଜେନା, ଗ୍ରା-ସୁରେଶ ପାଟିଦାର, ସୁରେଶ ପାଟିଦାର, ପି-ରାମ ସୁଜାତା ପାଟିଦାର, ପି-ରାମ ସୁଦର୍ଶନ, ଗ୍ରା-ଗୌଡ଼ିଆ, କଟକ
	ପରଶା	୧୬୨	ବେସରକାରୀ	ଜଳ	୦.୦୫୦	ମହୁରି ଜେନା, ଗ୍ରା-ସୁରେଶ ପାଟିଦାର, ପି-ରାମ ପାଟିଦାର, ଗ୍ରା-ଗୌଡ଼ିଆ
	ପରଶା	୧୬୩	ବେସରକାରୀ	ଜଳ	୦.୦୭୦	ସଦାନନ୍ଦ ଦୁଆଁ, ପି-ଦାଶରଥି ଦୁଆଁ, ଗ୍ରା-ପରଶା, ଥାନା-ଟାଙ୍ଗୀ, କିଲ୍ଲା-କଟକ
	ପରଶା	୧୬୪	ବେସରକାରୀ	ଜଳ	୦.୦୫୦	ଶ୍ରୀକାନ୍ତ ସାହୁ, ପି-ଶଶିଭୂଷଣ ସାହୁ, ପି-ନାରାୟଣ ସାହୁ, ଗ୍ରା-ନିଳଗିରି, ଥାନା-ଚୌଦ୍ୱାର, କଟକ
	ପରଶା	୧୬୫	ବେସରକାରୀ	ଜଳ	୦.୦୫୦	ଶ୍ରୀମତୀ ଶାନ୍ତିଲତା ନିଆକ, ସ୍ୱା-ଅରବିନ୍ଦ ନିଆକ, ଗ୍ରା-ଗୋପାଳପୁର, ଥାନା-ମହୁଲପାଟା, କଟକ
	ପରଶା	୧୬୬	ବେସରକାରୀ	ଜଳ	୦.୨୬୦	ପ୍ରଦ୍ୟୋତ କୁମାର ତ୍ରିପାଠୀ, ପି-ପୂର୍ଣ୍ଣଚନ୍ଦ୍ର ତ୍ରିପାଠୀ, ମହାବୀର ତ୍ରିପାଠୀ, ଗ୍ରା-ଜଗତପୁର, ଥାନା-ଜଗତପୁର, କଟକ, ଶ୍ରୀମତୀ ତିଳୋତ୍ତମା ସାହୁ, ସ୍ୱା-ନଟବର ସାହୁ, ଗ୍ରା-ବାଲିଆଗାଁ, ଥାନା-ଲାଳଗଡ଼, କଟକ, ଶ୍ରୀମତୀ ମହାଲକ୍ଷ୍ମୀ ତ୍ରିପାଠୀ, ସ୍ୱା-ରମେଶ ତ୍ରିପାଠୀ, ଗ୍ରା-ଭୁବନେଶ୍ୱର, ଥାନା-ଖଣ୍ଡଗିରି, ଜିଲ୍ଲା-ଖୋର୍ଦ୍ଧା
See Next Page
